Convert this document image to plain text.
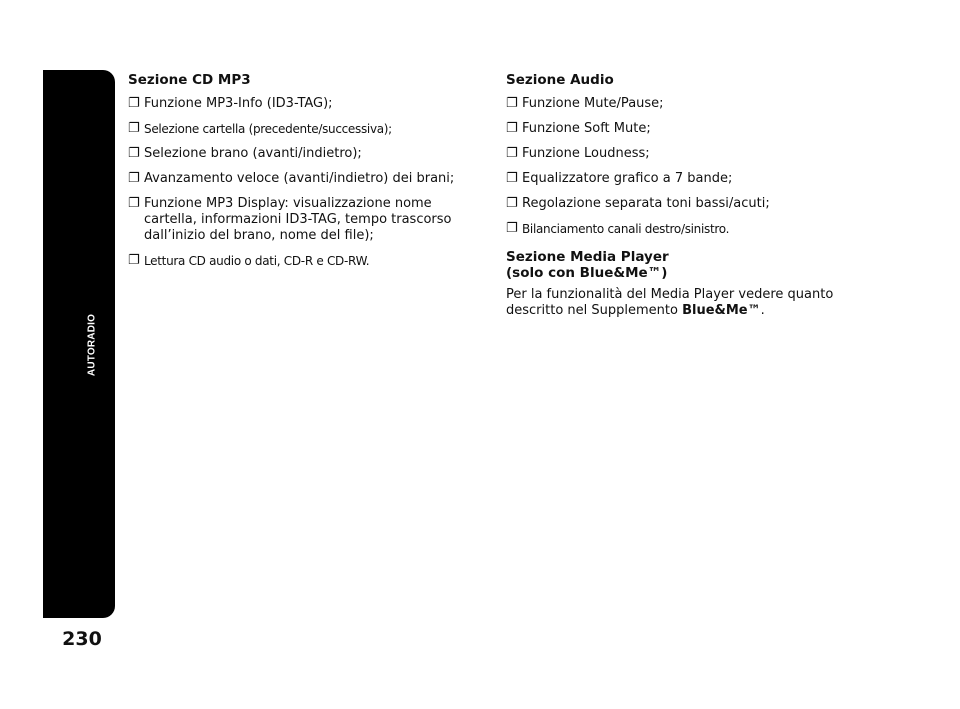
AUTORADIO
230
Sezione CD MP3
❐ Funzione MP3-Info (ID3-TAG);
❐ Selezione cartella (precedente/successiva);
❐ Selezione brano (avanti/indietro);
❐ Avanzamento veloce (avanti/indietro) dei brani;
❐ Funzione MP3 Display: visualizzazione nome cartella, informazioni ID3-TAG, tempo trascorso dall’inizio del brano, nome del file);
❐ Lettura CD audio o dati, CD-R e CD-RW.
Sezione Audio
❐ Funzione Mute/Pause;
❐ Funzione Soft Mute;
❐ Funzione Loudness;
❐ Equalizzatore grafico a 7 bande;
❐ Regolazione separata toni bassi/acuti;
❐ Bilanciamento canali destro/sinistro.
Sezione Media Player
(solo con Blue&Me™)
Per la funzionalità del Media Player vedere quanto descritto nel Supplemento Blue&Me™.
